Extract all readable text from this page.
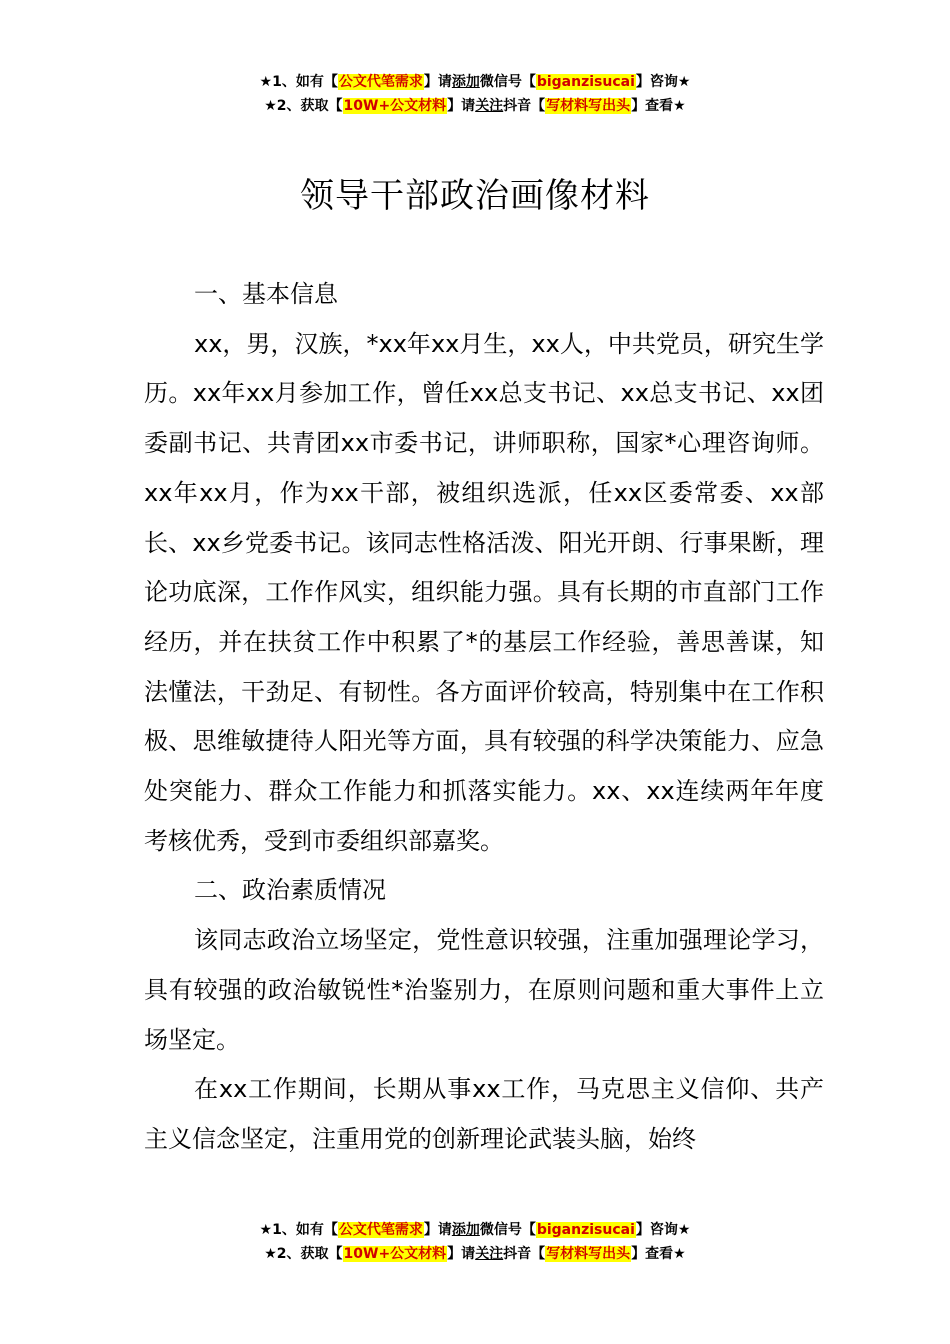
★1、如有【公文代笔需求】请添加微信号【biganzisucai】咨询★
★2、获取【10W+公文材料】请关注抖音【写材料写出头】查看★
领导干部政治画像材料

一、基本信息

xx，男，汉族，*xx年xx月生，xx人，中共党员，研究生学历。xx年xx月参加工作，曾任xx总支书记、xx总支书记、xx团委副书记、共青团xx市委书记，讲师职称，国家*心理咨询师。xx年xx月，作为xx干部，被组织选派，任xx区委常委、xx部长、xx乡党委书记。该同志性格活泼、阳光开朗、行事果断，理论功底深，工作作风实，组织能力强。具有长期的市直部门工作经历，并在扶贫工作中积累了*的基层工作经验，善思善谋，知法懂法，干劲足、有韧性。各方面评价较高，特别集中在工作积极、思维敏捷待人阳光等方面，具有较强的科学决策能力、应急处突能力、群众工作能力和抓落实能力。xx、xx连续两年年度考核优秀，受到市委组织部嘉奖。

二、政治素质情况

该同志政治立场坚定，党性意识较强，注重加强理论学习，具有较强的政治敏锐性*治鉴别力，在原则问题和重大事件上立场坚定。

在xx工作期间，长期从事xx工作，马克思主义信仰、共产主义信念坚定，注重用党的创新理论武装头脑，始终

★1、如有【公文代笔需求】请添加微信号【biganzisucai】咨询★
★2、获取【10W+公文材料】请关注抖音【写材料写出头】查看★
